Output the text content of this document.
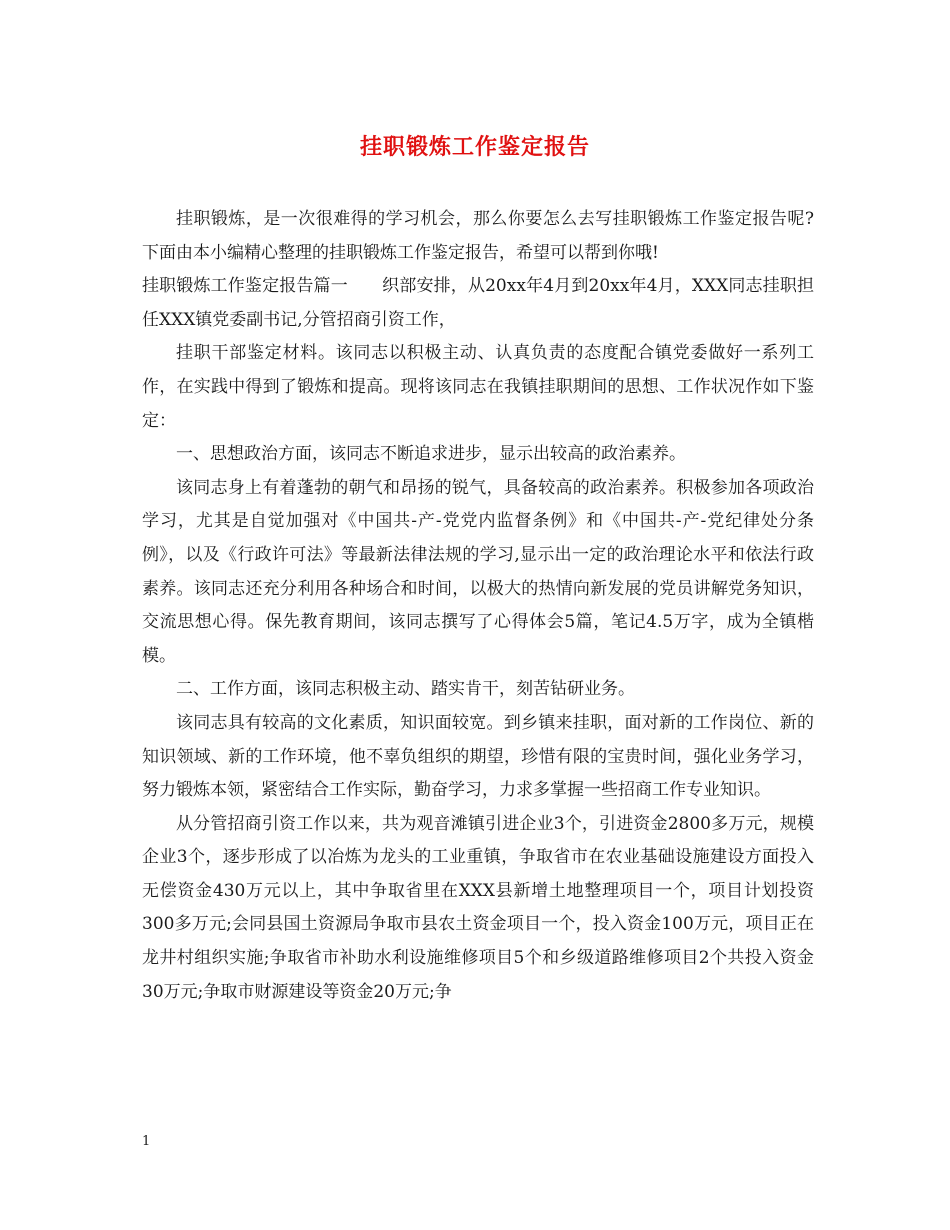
挂职锻炼工作鉴定报告

挂职锻炼，是一次很难得的学习机会，那么你要怎么去写挂职锻炼工作鉴定报告呢?下面由本小编精心整理的挂职锻炼工作鉴定报告，希望可以帮到你哦!

挂职锻炼工作鉴定报告篇一　　织部安排，从20xx年4月到20xx年4月，XXX同志挂职担任XXX镇党委副书记,分管招商引资工作，

挂职干部鉴定材料。该同志以积极主动、认真负责的态度配合镇党委做好一系列工作，在实践中得到了锻炼和提高。现将该同志在我镇挂职期间的思想、工作状况作如下鉴定：

一、思想政治方面，该同志不断追求进步，显示出较高的政治素养。

该同志身上有着蓬勃的朝气和昂扬的锐气，具备较高的政治素养。积极参加各项政治学习，尤其是自觉加强对《中国共-产-党党内监督条例》和《中国共-产-党纪律处分条例》，以及《行政许可法》等最新法律法规的学习,显示出一定的政治理论水平和依法行政素养。该同志还充分利用各种场合和时间，以极大的热情向新发展的党员讲解党务知识，交流思想心得。保先教育期间，该同志撰写了心得体会5篇，笔记4.5万字，成为全镇楷模。

二、工作方面，该同志积极主动、踏实肯干，刻苦钻研业务。

该同志具有较高的文化素质，知识面较宽。到乡镇来挂职，面对新的工作岗位、新的知识领域、新的工作环境，他不辜负组织的期望，珍惜有限的宝贵时间，强化业务学习，努力锻炼本领，紧密结合工作实际，勤奋学习，力求多掌握一些招商工作专业知识。

从分管招商引资工作以来，共为观音滩镇引进企业3个，引进资金2800多万元，规模企业3个，逐步形成了以冶炼为龙头的工业重镇，争取省市在农业基础设施建设方面投入无偿资金430万元以上，其中争取省里在XXX县新增土地整理项目一个，项目计划投资300多万元;会同县国土资源局争取市县农土资金项目一个，投入资金100万元，项目正在龙井村组织实施;争取省市补助水利设施维修项目5个和乡级道路维修项目2个共投入资金30万元;争取市财源建设等资金20万元;争

1
